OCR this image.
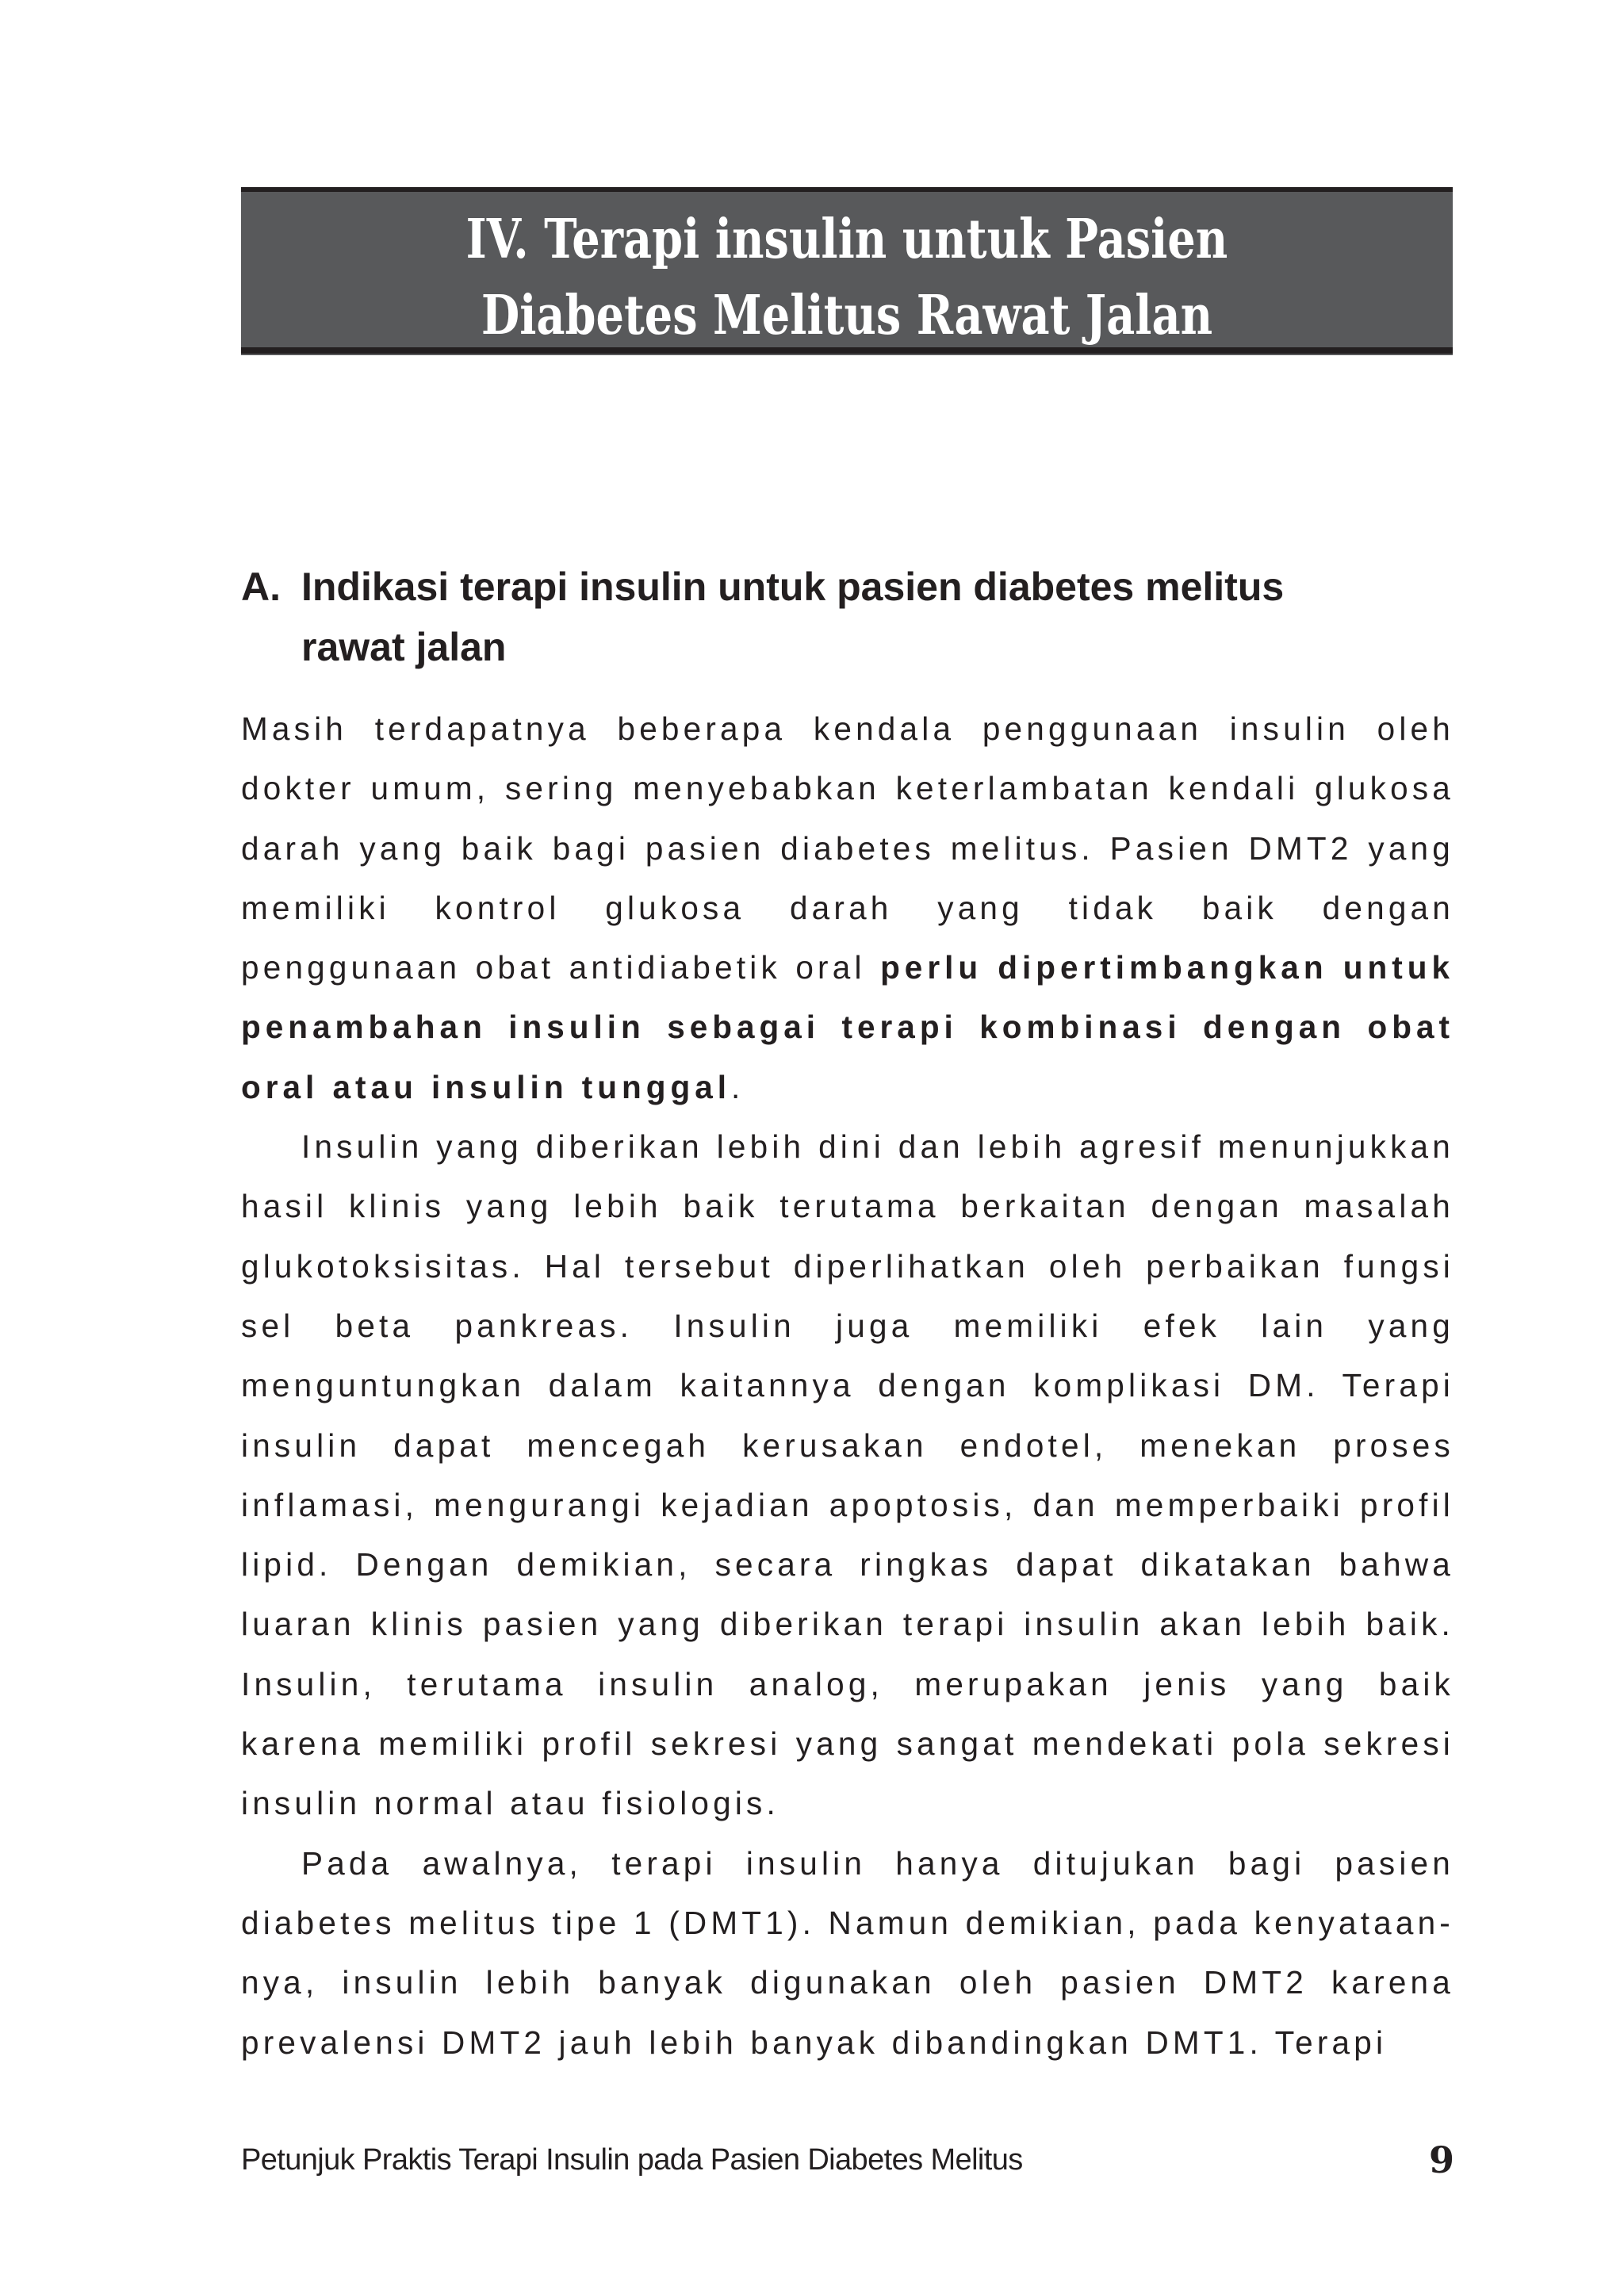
IV. Terapi insulin untuk Pasien
Diabetes Melitus Rawat Jalan
A. Indikasi terapi insulin untuk pasien diabetes melitus
rawat jalan

Masih terdapatnya beberapa kendala penggunaan insulin oleh dokter umum, sering menyebabkan keterlambatan kendali glukosa darah yang baik bagi pasien diabetes melitus. Pasien DMT2 yang memiliki kontrol glukosa darah yang tidak baik dengan penggunaan obat antidiabetik oral perlu dipertimbangkan untuk penambahan insulin sebagai terapi kombinasi dengan obat oral atau insulin tunggal.

Insulin yang diberikan lebih dini dan lebih agresif menunjukkan hasil klinis yang lebih baik terutama berkaitan dengan masalah glukotoksisitas. Hal tersebut diperlihatkan oleh perbaikan fungsi sel beta pankreas. Insulin juga memiliki efek lain yang menguntungkan dalam kaitannya dengan komplikasi DM. Terapi insulin dapat mencegah kerusakan endotel, menekan proses inflamasi, mengurangi kejadian apoptosis, dan memperbaiki profil lipid. Dengan demikian, secara ringkas dapat dikatakan bahwa luaran klinis pasien yang diberikan terapi insulin akan lebih baik. Insulin, terutama insulin analog, merupakan jenis yang baik karena memiliki profil sekresi yang sangat mendekati pola sekresi insulin normal atau fisiologis.

Pada awalnya, terapi insulin hanya ditujukan bagi pasien diabetes melitus tipe 1 (DMT1). Namun demikian, pada kenyataan-nya, insulin lebih banyak digunakan oleh pasien DMT2 karena prevalensi DMT2 jauh lebih banyak dibandingkan DMT1. Terapi

Petunjuk Praktis Terapi Insulin pada Pasien Diabetes Melitus	9
